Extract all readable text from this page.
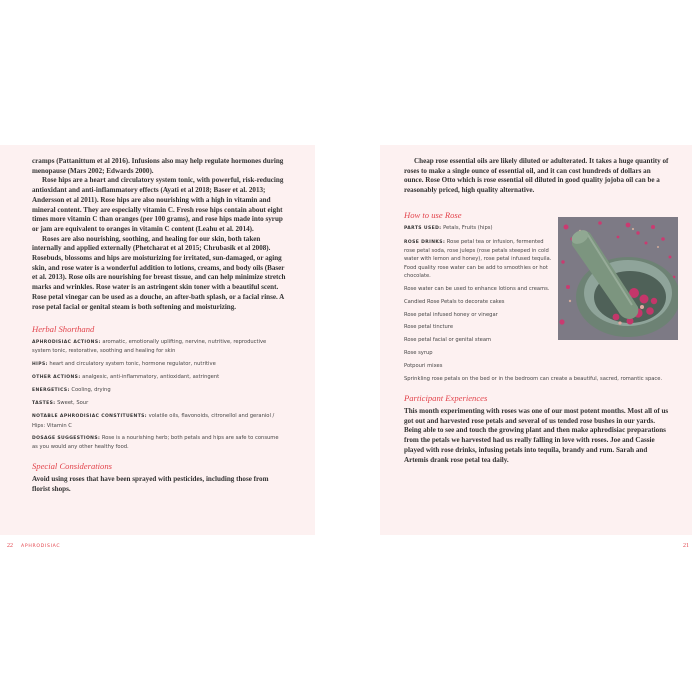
cramps (Pattanittum et al 2016). Infusions also may help regulate hormones during menopause (Mars 2002; Edwards 2000).

Rose hips are a heart and circulatory system tonic, with powerful, risk-reducing antioxidant and anti-inflammatory effects (Ayati et al 2018; Baser et al. 2013; Andersson et al 2011). Rose hips are also nourishing with a high in vitamin and mineral content. They are especially vitamin C. Fresh rose hips contain about eight times more vitamin C than oranges (per 100 grams), and rose hips made into syrup or jam are equivalent to oranges in vitamin C content (Leahu et al. 2014).

Roses are also nourishing, soothing, and healing for our skin, both taken internally and applied externally (Phetcharat et al 2015; Chrubasik et al 2008). Rosebuds, blossoms and hips are moisturizing for irritated, sun-damaged, or aging skin, and rose water is a wonderful addition to lotions, creams, and body oils (Baser et al. 2013). Rose oils are nourishing for breast tissue, and can help minimize stretch marks and wrinkles. Rose water is an astringent skin toner with a beautiful scent. Rose petal vinegar can be used as a douche, an after-bath splash, or a facial rinse. A rose petal facial or genital steam is both softening and moisturizing.

Herbal Shorthand
APHRODISIAC ACTIONS: aromatic, emotionally uplifting, nervine, nutritive, reproductive system tonic, restorative, soothing and healing for skin
HIPS: heart and circulatory system tonic, hormone regulator, nutritive
OTHER ACTIONS: analgesic, anti-inflammatory, antioxidant, astringent
ENERGETICS: Cooling, drying
TASTES: Sweet, Sour
NOTABLE APHRODISIAC CONSTITUENTS: volatile oils, flavonoids, citronellol and geraniol / Hips: Vitamin C
DOSAGE SUGGESTIONS: Rose is a nourishing herb; both petals and hips are safe to consume as you would any other healthy food.
Special Considerations
Avoid using roses that have been sprayed with pesticides, including those from florist shops.
22 APHRODISIAC

Cheap rose essential oils are likely diluted or adulterated. It takes a huge quantity of roses to make a single ounce of essential oil, and it can cost hundreds of dollars an ounce. Rose Otto which is rose essential oil diluted in good quality jojoba oil can be a reasonably priced, high quality alternative.

How to use Rose
PARTS USED: Petals, Fruits (hips)
ROSE DRINKS: Rose petal tea or infusion, fermented rose petal soda, rose juleps (rose petals steeped in cold water with lemon and honey), rose petal infused tequila. Food quality rose water can be add to smoothies or hot chocolate.
Rose water can be used to enhance lotions and creams.
Candied Rose Petals to decorate cakes
Rose petal infused honey or vinegar
Rose petal tincture
Rose petal facial or genital steam
Rose syrup
Potpouri mixes
Sprinkling rose petals on the bed or in the bedroom can create a beautiful, sacred, romantic space.
Participant Experiences
This month experimenting with roses was one of our most potent months. Most all of us got out and harvested rose petals and several of us tended rose bushes in our yards. Being able to see and touch the growing plant and then make aphrodisiac preparations from the petals we harvested had us really falling in love with roses. Joe and Cassie played with rose drinks, infusing petals into tequila, brandy and rum. Sarah and Artemis drank rose petal tea daily.
21
